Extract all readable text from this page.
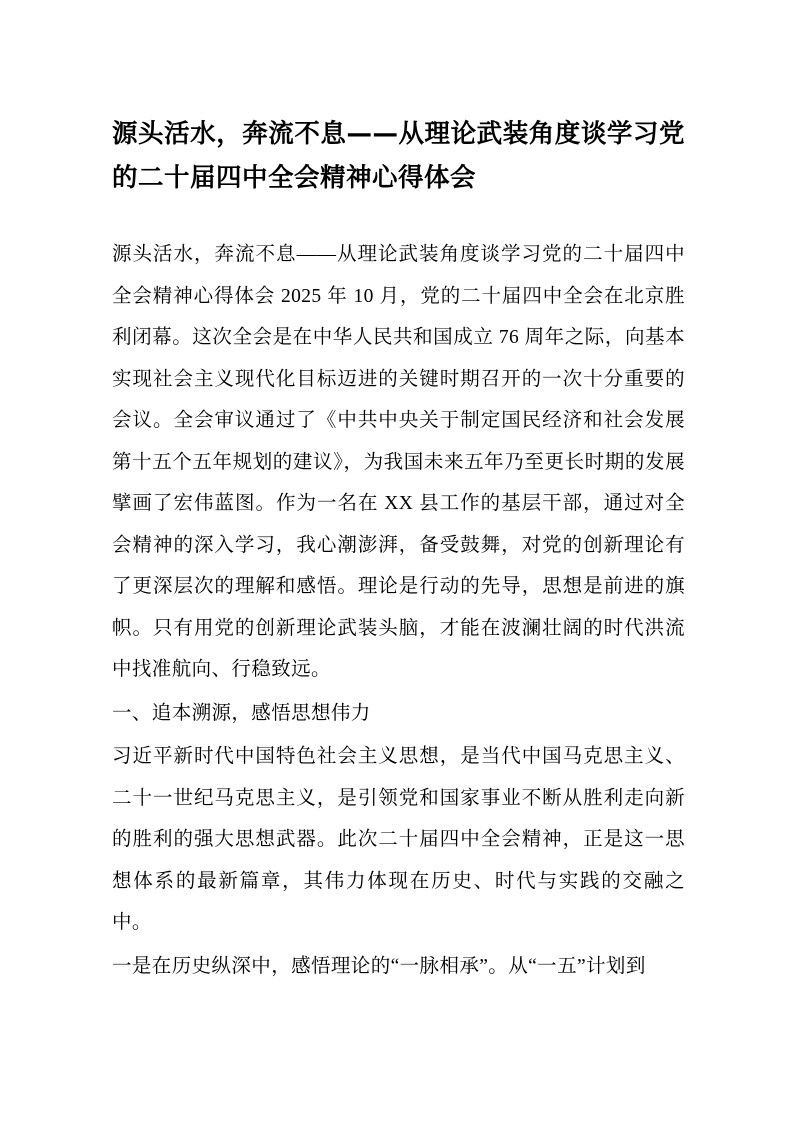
源头活水，奔流不息——从理论武装角度谈学习党的二十届四中全会精神心得体会

源头活水，奔流不息——从理论武装角度谈学习党的二十届四中全会精神心得体会 2025 年 10 月，党的二十届四中全会在北京胜利闭幕。这次全会是在中华人民共和国成立 76 周年之际，向基本实现社会主义现代化目标迈进的关键时期召开的一次十分重要的会议。全会审议通过了《中共中央关于制定国民经济和社会发展第十五个五年规划的建议》，为我国未来五年乃至更长时期的发展擘画了宏伟蓝图。作为一名在 XX 县工作的基层干部，通过对全会精神的深入学习，我心潮澎湃，备受鼓舞，对党的创新理论有了更深层次的理解和感悟。理论是行动的先导，思想是前进的旗帜。只有用党的创新理论武装头脑，才能在波澜壮阔的时代洪流中找准航向、行稳致远。

一、追本溯源，感悟思想伟力

习近平新时代中国特色社会主义思想，是当代中国马克思主义、二十一世纪马克思主义，是引领党和国家事业不断从胜利走向新的胜利的强大思想武器。此次二十届四中全会精神，正是这一思想体系的最新篇章，其伟力体现在历史、时代与实践的交融之中。

一是在历史纵深中，感悟理论的“一脉相承”。从“一五”计划到
